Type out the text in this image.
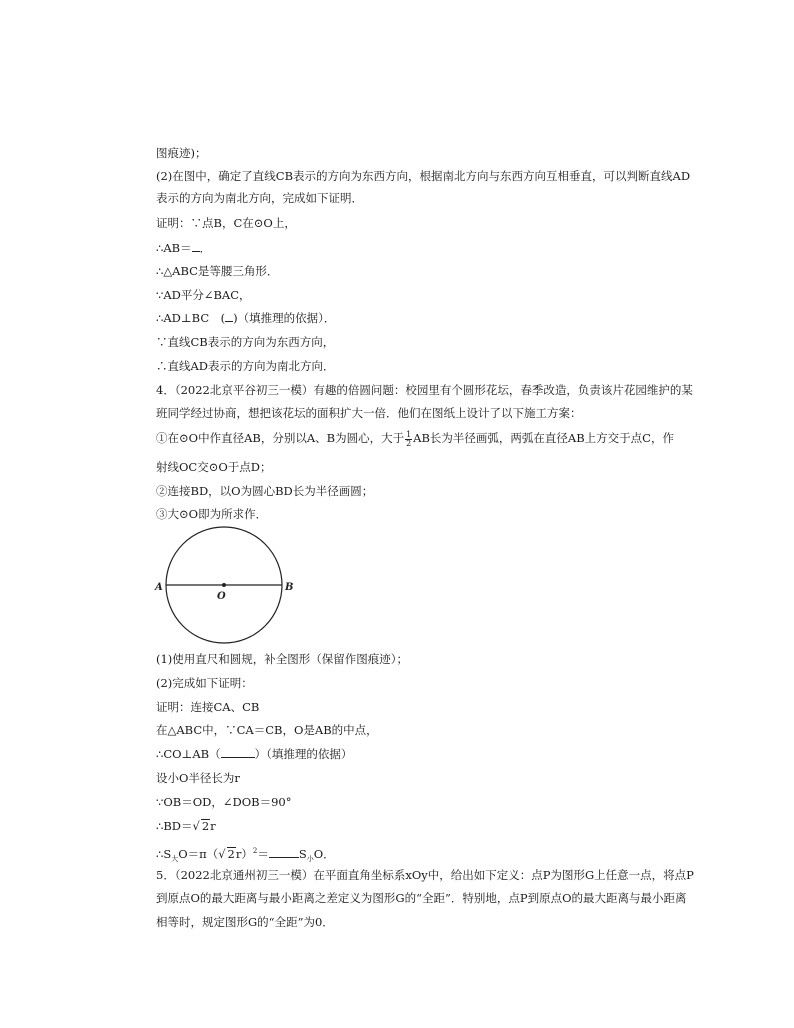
图痕迹)；
(2)在图中，确定了直线CB表示的方向为东西方向，根据南北方向与东西方向互相垂直，可以判断直线AD
表示的方向为南北方向，完成如下证明．
证明：∵点B，C在⊙O上，
∴AB＝ ．
∴△ABC是等腰三角形．
∵AD平分∠BAC，
∴AD⊥BC　( )（填推理的依据）．
∵直线CB表示的方向为东西方向，
∴直线AD表示的方向为南北方向．
4．（2022北京平谷初三一模）有趣的倍圆问题：校园里有个圆形花坛，春季改造，负责该片花园维护的某
班同学经过协商，想把该花坛的面积扩大一倍．他们在图纸上设计了以下施工方案：
①在⊙O中作直径AB，分别以A、B为圆心，大于 $\frac{1}{2}$ AB长为半径画弧，两弧在直径AB上方交于点C，作
射线OC交⊙O于点D；
②连接BD，以O为圆心BD长为半径画圆；
③大⊙O即为所求作．
A
O
B
(1)使用直尺和圆规，补全图形（保留作图痕迹）；
(2)完成如下证明：
证明：连接CA、CB
在△ABC中，∵CA＝CB，O是AB的中点，
∴CO⊥AB（	）（填推理的依据）
设小O半径长为r
∵OB＝OD，∠DOB＝90°
∴BD＝√ 2r
$\therefore S_大O=\pi(√$ 2r）$^2$＝	$S_小O$．
5．（2022北京通州初三一模）在平面直角坐标系xOy中，给出如下定义：点P为图形G上任意一点，将点P
到原点O的最大距离与最小距离之差定义为图形G的“全距”．特别地，点P到原点O的最大距离与最小距离
相等时，规定图形G的“全距”为0．
